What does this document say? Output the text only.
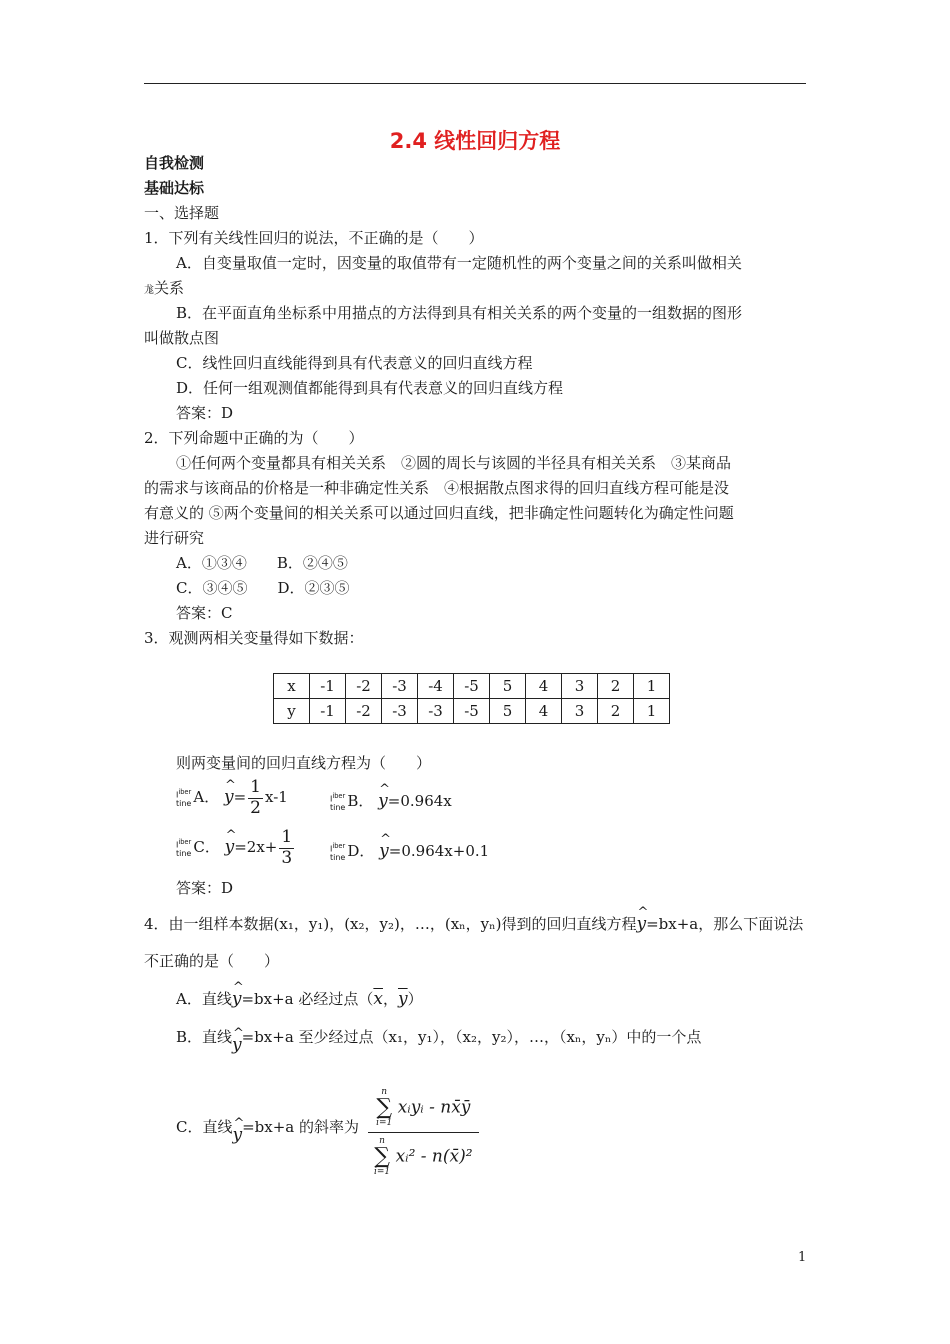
2.4 线性回归方程
自我检测
基础达标
一、选择题
1．下列有关线性回归的说法，不正确的是（　　）
A．自变量取值一定时，因变量的取值带有一定随机性的两个变量之间的关系叫做相关
尨关系
B．在平面直角坐标系中用描点的方法得到具有相关关系的两个变量的一组数据的图形
叫做散点图
C．线性回归直线能得到具有代表意义的回归直线方程
D．任何一组观测值都能得到具有代表意义的回归直线方程
答案：D
2．下列命题中正确的为（　　）
①任何两个变量都具有相关关系　②圆的周长与该圆的半径具有相关关系　③某商品
的需求与该商品的价格是一种非确定性关系　④根据散点图求得的回归直线方程可能是没
有意义的 ⑤两个变量间的相关关系可以通过回归直线，把非确定性问题转化为确定性问题
进行研究
A．①③④　　B．②④⑤
C．③④⑤　　D．②③⑤
答案：C
3．观测两相关变量得如下数据：
x	-1	-2	-3	-4	-5	5	4	3	2	1
y	-1	-2	-3	-3	-5	5	4	3	2	1
则两变量间的回归直线方程为（　　）
$I^{iber}$
tine A． ^ $y= \frac{1}{2} x-1$	$I^{iber}$
tine B． ^ y=0.964x
$I^{iber}$
tine C． ^ $y=2x+ \frac{1}{3}$	$I^{iber}$
tine D． ^ y=0.964x+0.1
答案：D
4．由一组样本数据(x₁，y₁)，(x₂，y₂)，…，(xₙ，yₙ)得到的回归直线方程^ y=bx+a，那么下面说法
不正确的是（　　）
A．直线^ y=bx+a 必经过点（$\overline{x}$，$\overline{y}$）
B．直线^ y=bx+a 至少经过点（x₁，y₁），（x₂，y₂），…，（xₙ，yₙ）中的一个点
C．直线^ y=bx+a 的斜率为
n
∑
i=1
xᵢyᵢ - nx̄ȳ
n
∑
i=1
xᵢ² - n(x̄)²
1
